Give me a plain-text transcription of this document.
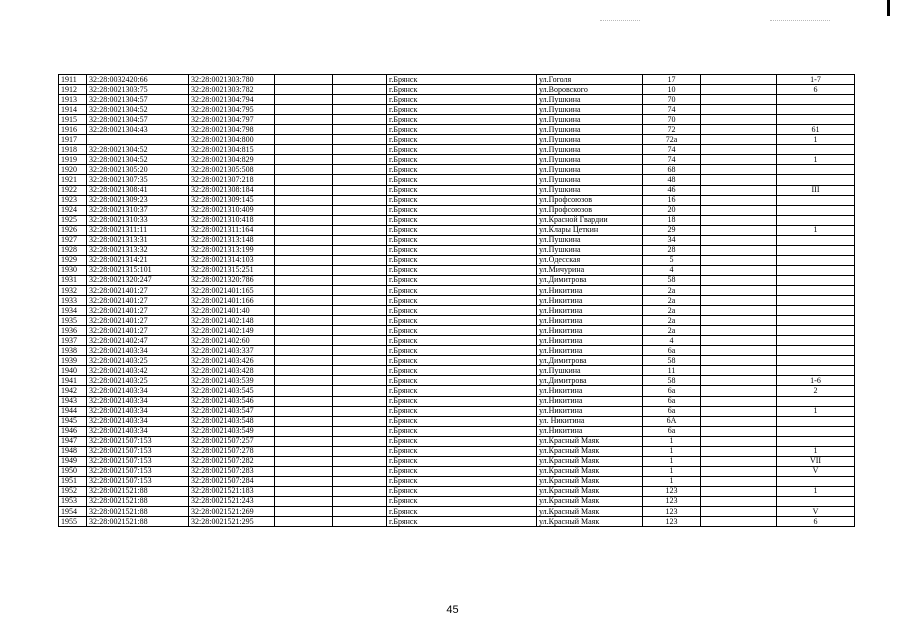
1911	32:28:0032420:66	32:28:0021303:780			г.Брянск	ул.Гоголя	17		1-7
1912	32:28:0021303:75	32:28:0021303:782			г.Брянск	ул.Воровского	10		6
1913	32:28:0021304:57	32:28:0021304:794			г.Брянск	ул.Пушкина	70		
1914	32:28:0021304:52	32:28:0021304:795			г.Брянск	ул.Пушкина	74		
1915	32:28:0021304:57	32:28:0021304:797			г.Брянск	ул.Пушкина	70		
1916	32:28:0021304:43	32:28:0021304:798			г.Брянск	ул.Пушкина	72		61
1917		32:28:0021304:800			г.Брянск	ул.Пушкина	72а		1
1918	32:28:0021304:52	32:28:0021304:815			г.Брянск	ул.Пушкина	74		
1919	32:28:0021304:52	32:28:0021304:829			г.Брянск	ул.Пушкина	74		1
1920	32:28:0021305:20	32:28:0021305:508			г.Брянск	ул.Пушкина	68		
1921	32:28:0021307:35	32:28:0021307:218			г.Брянск	ул.Пушкина	48		
1922	32:28:0021308:41	32:28:0021308:184			г.Брянск	ул.Пушкина	46		III
1923	32:28:0021309:23	32:28:0021309:145			г.Брянск	ул.Профсоюзов	16		
1924	32:28:0021310:37	32:28:0021310:409			г.Брянск	ул.Профсоюзов	20		
1925	32:28:0021310:33	32:28:0021310:418			г.Брянск	ул.Красной Гвардии	18		
1926	32:28:0021311:11	32:28:0021311:164			г.Брянск	ул.Клары Цеткин	29		1
1927	32:28:0021313:31	32:28:0021313:148			г.Брянск	ул.Пушкина	34		
1928	32:28:0021313:32	32:28:0021313:199			г.Брянск	ул.Пушкина	28		
1929	32:28:0021314:21	32:28:0021314:103			г.Брянск	ул.Одесская	5		
1930	32:28:0021315:101	32:28:0021315:251			г.Брянск	ул.Мичурина	4		
1931	32:28:0021320:247	32:28:0021320:786			г.Брянск	ул.Димитрова	58		
1932	32:28:0021401:27	32:28:0021401:165			г.Брянск	ул.Никитина	2а		
1933	32:28:0021401:27	32:28:0021401:166			г.Брянск	ул.Никитина	2а		
1934	32:28:0021401:27	32:28:0021401:40			г.Брянск	ул.Никитина	2а		
1935	32:28:0021401:27	32:28:0021402:148			г.Брянск	ул.Никитина	2а		
1936	32:28:0021401:27	32:28:0021402:149			г.Брянск	ул.Никитина	2а		
1937	32:28:0021402:47	32:28:0021402:60			г.Брянск	ул.Никитина	4		
1938	32:28:0021403:34	32:28:0021403:337			г.Брянск	ул.Никитина	6а		
1939	32:28:0021403:25	32:28:0021403:426			г.Брянск	ул.Димитрова	58		
1940	32:28:0021403:42	32:28:0021403:428			г.Брянск	ул.Пушкина	11		
1941	32:28:0021403:25	32:28:0021403:539			г.Брянск	ул.Димитрова	58		1-6
1942	32:28:0021403:34	32:28:0021403:545			г.Брянск	ул.Никитина	6а		2
1943	32:28:0021403:34	32:28:0021403:546			г.Брянск	ул.Никитина	6а		
1944	32:28:0021403:34	32:28:0021403:547			г.Брянск	ул.Никитина	6а		1
1945	32:28:0021403:34	32:28:0021403:548			г.Брянск	ул. Никитина	6А		
1946	32:28:0021403:34	32:28:0021403:549			г.Брянск	ул.Никитина	6а		
1947	32:28:0021507:153	32:28:0021507:257			г.Брянск	ул.Красный Маяк	1		
1948	32:28:0021507:153	32:28:0021507:278			г.Брянск	ул.Красный Маяк	1		1
1949	32:28:0021507:153	32:28:0021507:282			г.Брянск	ул.Красный Маяк	1		VII
1950	32:28:0021507:153	32:28:0021507:283			г.Брянск	ул.Красный Маяк	1		V
1951	32:28:0021507:153	32:28:0021507:284			г.Брянск	ул.Красный Маяк	1		
1952	32:28:0021521:88	32:28:0021521:183			г.Брянск	ул.Красный Маяк	123		1
1953	32:28:0021521:88	32:28:0021521:243			г.Брянск	ул.Красный Маяк	123		
1954	32:28:0021521:88	32:28:0021521:269			г.Брянск	ул.Красный Маяк	123		V
1955	32:28:0021521:88	32:28:0021521:295			г.Брянск	ул.Красный Маяк	123		6
45
